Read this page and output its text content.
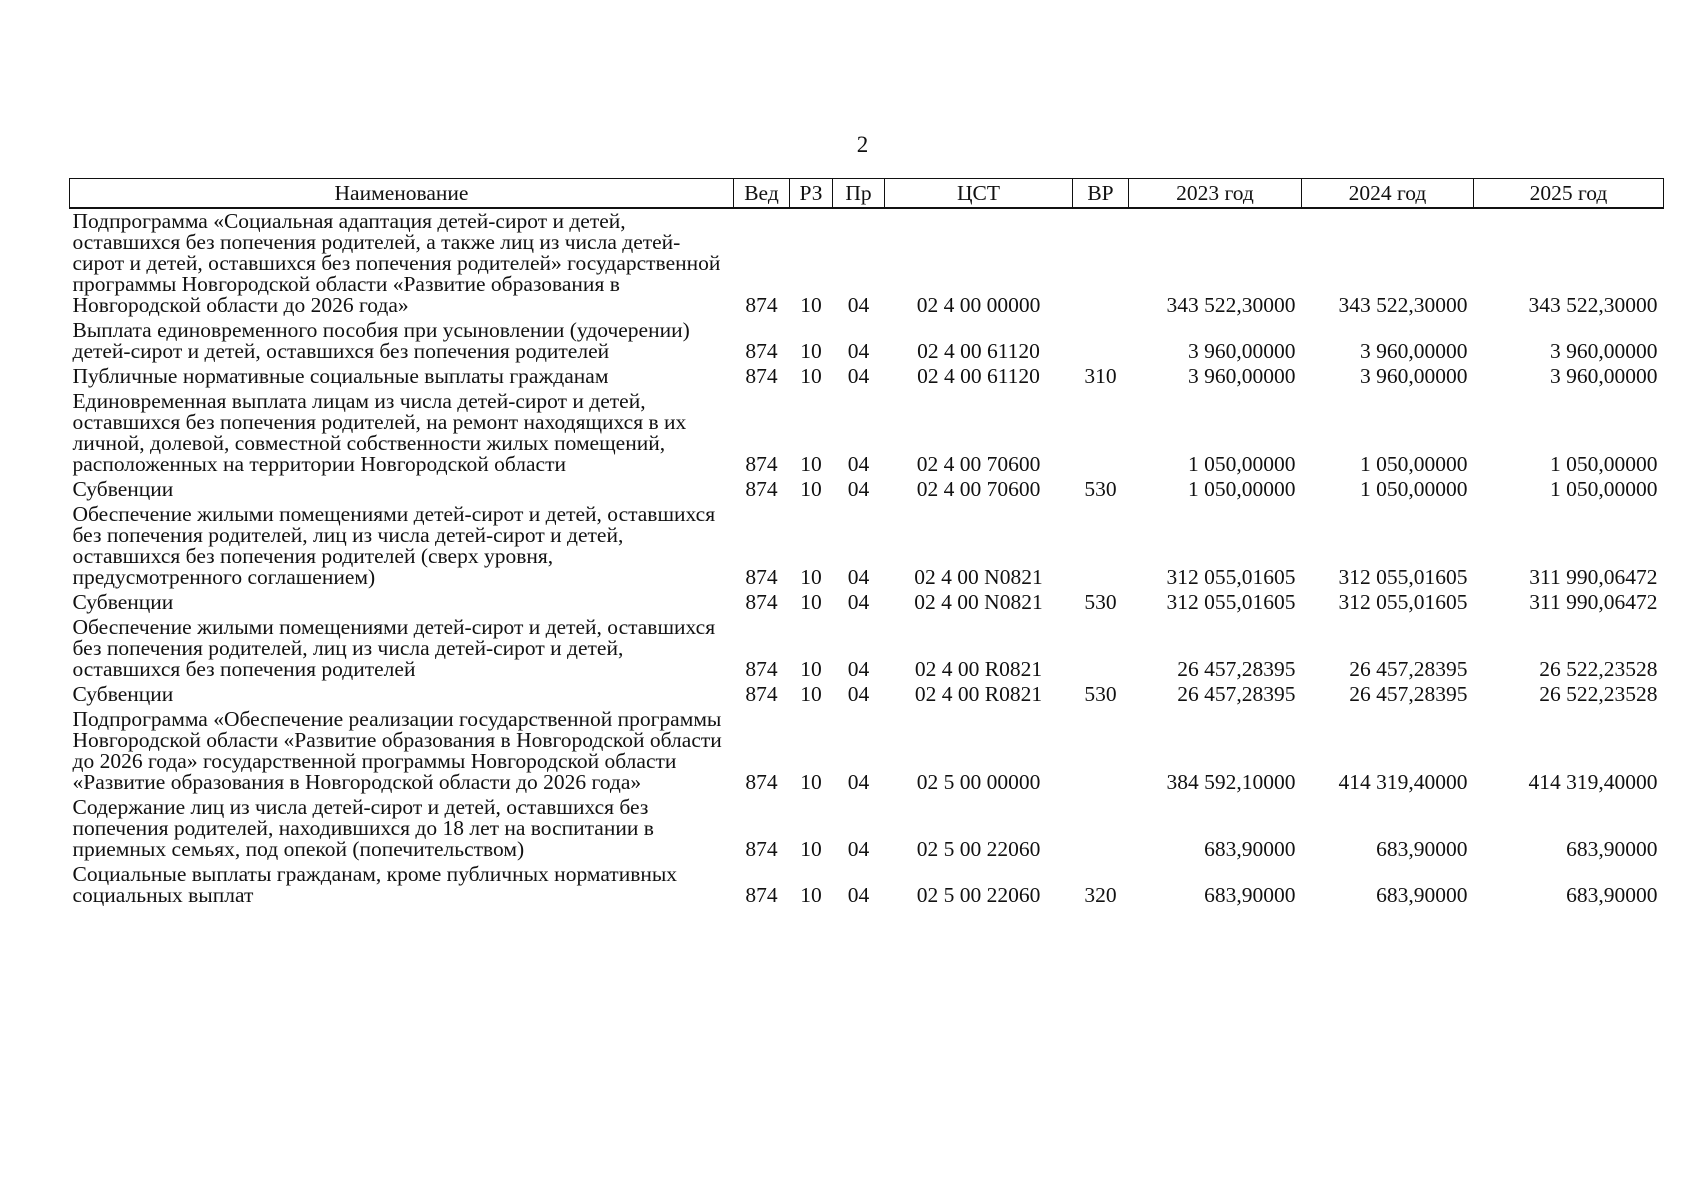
2
Наименование	Вед	РЗ	Пр	ЦСТ	ВР	2023 год	2024 год	2025 год
Подпрограмма «Социальная адаптация детей-сирот и детей, оставшихся без попечения родителей, а также лиц из числа детей-сирот и детей, оставшихся без попечения родителей» государственной программы Новгородской области «Развитие образования в Новгородской области до 2026 года»	874	10	04	02 4 00 00000		343 522,30000	343 522,30000	343 522,30000
Выплата единовременного пособия при усыновлении (удочерении) детей-сирот и детей, оставшихся без попечения родителей	874	10	04	02 4 00 61120		3 960,00000	3 960,00000	3 960,00000
Публичные нормативные социальные выплаты гражданам	874	10	04	02 4 00 61120	310	3 960,00000	3 960,00000	3 960,00000
Единовременная выплата лицам из числа детей-сирот и детей, оставшихся без попечения родителей, на ремонт находящихся в их личной, долевой, совместной собственности жилых помещений, расположенных на территории Новгородской области	874	10	04	02 4 00 70600		1 050,00000	1 050,00000	1 050,00000
Субвенции	874	10	04	02 4 00 70600	530	1 050,00000	1 050,00000	1 050,00000
Обеспечение жилыми помещениями детей-сирот и детей, оставшихся без попечения родителей, лиц из числа детей-сирот и детей, оставшихся без попечения родителей (сверх уровня, предусмотренного соглашением)	874	10	04	02 4 00 N0821		312 055,01605	312 055,01605	311 990,06472
Субвенции	874	10	04	02 4 00 N0821	530	312 055,01605	312 055,01605	311 990,06472
Обеспечение жилыми помещениями детей-сирот и детей, оставшихся без попечения родителей, лиц из числа детей-сирот и детей, оставшихся без попечения родителей	874	10	04	02 4 00 R0821		26 457,28395	26 457,28395	26 522,23528
Субвенции	874	10	04	02 4 00 R0821	530	26 457,28395	26 457,28395	26 522,23528
Подпрограмма «Обеспечение реализации государственной программы Новгородской области «Развитие образования в Новгородской области до 2026 года» государственной программы Новгородской области «Развитие образования в Новгородской области до 2026 года»	874	10	04	02 5 00 00000		384 592,10000	414 319,40000	414 319,40000
Содержание лиц из числа детей-сирот и детей, оставшихся без попечения родителей, находившихся до 18 лет на воспитании в приемных семьях, под опекой (попечительством)	874	10	04	02 5 00 22060		683,90000	683,90000	683,90000
Социальные выплаты гражданам, кроме публичных нормативных социальных выплат	874	10	04	02 5 00 22060	320	683,90000	683,90000	683,90000
